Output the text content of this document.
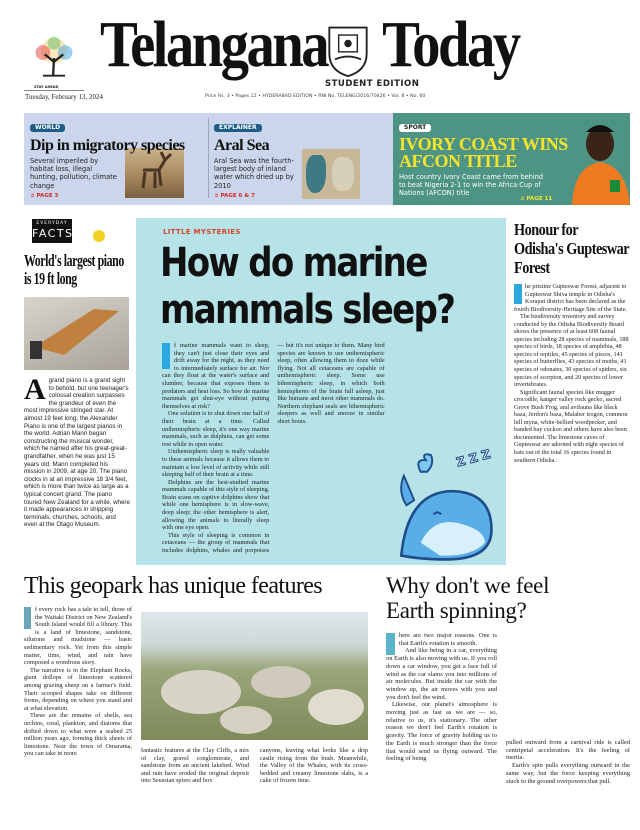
STAY AHEAD
Telangana Today
STUDENT EDITION
Tuesday, February 13, 2024	Price Rs. 3 • Pages 12 • HYDERABAD EDITION • RNI No. TELENG/2016/70426 • Vol. 8 • No. 60
WORLD
Dip in migratory species
Several imperiled by habitat loss, illegal hunting, pollution, climate change
➲ PAGE 3
EXPLAINER
Aral Sea
Aral Sea was the fourth-largest body of inland water which dried up by 2010
➲ PAGE 6 & 7
SPORT
IVORY COAST WINS AFCON TITLE
Host country Ivory Coast came from behind to beat Nigeria 2-1 to win the Africa Cup of Nations (AFCON) title
➲ PAGE 11
EVERYDAY
FACTS
World's largest piano is 19 ft long
Agrand piano is a grand sight to behold, but one teenager's colossal creation surpasses the grandeur of even the most impressive stringed star. At almost 19 feet long, the Alexander Piano is one of the largest pianos in the world. Adrian Mann began constructing the musical wonder, which he named after his great-great-grandfather, when he was just 15 years old. Mann completed his mission in 2009, at age 20. The piano clocks in at an impressive 18 3/4 feet, which is more than twice as large as a typical concert grand. The piano toured New Zealand for a while, where it made appearances in shipping terminals, churches, schools, and even at the Otago Museum.
LITTLE MYSTERIES
How do marine mammals sleep?

f marine mammals want to sleep, they can't just close their eyes and drift away for the night, as they need to intermediately surface for air. Nor can they float at the water's surface and slumber, because that exposes them to predators and heat loss. So how do marine mammals get shut-eye without putting themselves at risk?

One solution is to shut down one half of their brain at a time. Called unihemispheric sleep, it's one way marine mammals, such as dolphins, can get some rest while in open water.

Unihemispheric sleep is really valuable to these animals because it allows them to maintain a low level of activity while still sleeping half of their brain at a time.

Dolphins are the best-studied marine mammals capable of this style of sleeping. Brain scans on captive dolphins show that while one hemisphere is in slow-wave, deep sleep; the other hemisphere is alert, allowing the animals to literally sleep with one eye open.

This style of sleeping is common in cetaceans — the group of mammals that includes dolphins, whales and porpoises — but it's not unique to them. Many bird species are known to use unihemispheric sleep, often allowing them to doze while flying. Not all cetaceans are capable of unihemispheric sleep. Some use bihemispheric sleep, in which both hemispheres of the brain fall asleep, just like humans and most other mammals do. Northern elephant seals are bihemispheric sleepers as well and snooze in similar short bouts.

Z Z Z
Honour for Odisha's Gupteswar Forest

he pristine Gupteswar Forest, adjacent to Gupteswar Shiva temple in Odisha's Koraput district has been declared as the fourth Biodiversity-Heritage Site of the State.

The biodiversity inventory and survey conducted by the Odisha Biodiversity Board shows the presence of at least 608 faunal species including 28 species of mammals, 188 species of birds, 18 species of amphibia, 48 species of reptiles, 45 species of pisces, 141 species of butterflies, 43 species of moths, 41 species of odonates, 30 species of spiders, six species of scorpion, and 20 species of lower invertebrates.

Significant faunal species like mugger crocodile, kanger valley rock gecko, sacred Grove Bush Frog, and avifauna like black baza, Jerdon's baza, Malaber trogon, common hill myna, white-bellied woodpecker, and banded bay cuckoo and others have also been documented. The limestone caves of Gupteswar are adorned with eight species of bats out of the total 16 species found in southern Odisha.

This geopark has unique features

f every rock has a tale to tell, those of the Waitaki District on New Zealand's South Island would fill a library. This is a land of limestone, sandstone, siltstone and mudstone — basic sedimentary rock. Yet from this simple matter, time, wind, and rain have composed a wondrous story.

The narrative is in the Elephant Rocks, giant dollops of limestone scattered among grazing sheep on a farmer's field. Their scooped shapes take on different forms, depending on where you stand and at what elevation.

These are the remains of shells, sea urchins, coral, plankton, and diatoms that drifted down to what were a seabed 25 million years ago, forming thick sheets of limestone. Near the town of Omarama, you can take in more	fantastic features at the Clay Cliffs, a mix of clay, gravel conglomerate, and sandstone from an ancient lakebed. Wind and rain have eroded the original deposit into Seussian spires and box
canyons, leaving what looks like a drip castle rising from the bush. Meanwhile, the Valley of the Whales, with its cross-bedded and creamy limestone slabs, is a cake of frozen time.
Why don't we feel Earth spinning?

here are two major reasons. One is that Earth's rotation is smooth.

And like being in a car, everything on Earth is also moving with us. If you roll down a car window, you get a face full of wind as the car slams you into millions of air molecules. But inside the car with the window up, the air moves with you and you don't feel the wind.

Likewise, our planet's atmosphere is moving just as fast as we are — so, relative to us, it's stationary. The other reason we don't feel Earth's rotation is gravity. The force of gravity holding us to the Earth is much stronger than the force that would send us flying outward. The feeling of being

pulled outward from a carnival ride is called centripetal acceleration. It's the feeling of inertia.

Earth's spin pulls everything outward in the same way, but the force keeping everything stuck to the ground overpowers that pull.
